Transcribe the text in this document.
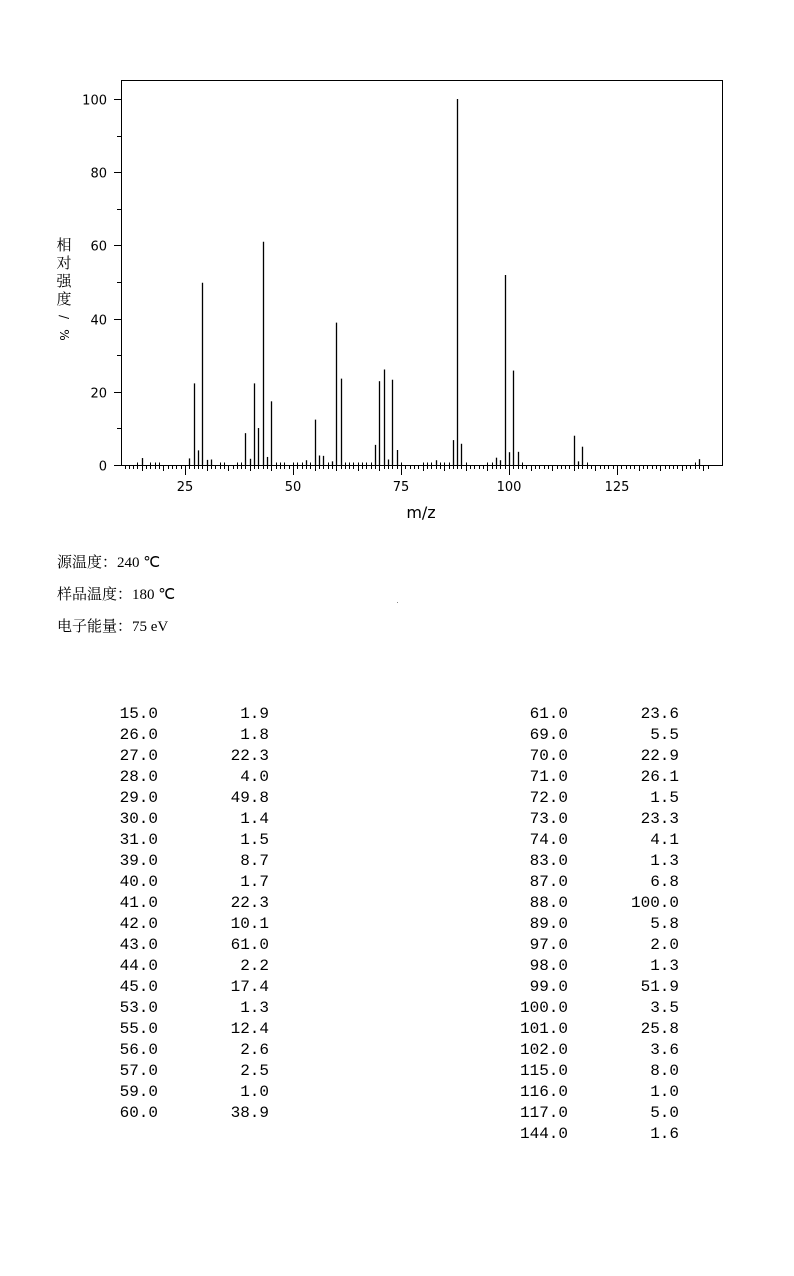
0
20
40
60
80
100
25	50	75	100	125
相
对
强
度
/
%
m/z
源温度：240 ℃
样品温度：180 ℃
电子能量：75 eV
15.0	1.9
26.0	1.8
27.0	22.3
28.0	4.0
29.0	49.8
30.0	1.4
31.0	1.5
39.0	8.7
40.0	1.7
41.0	22.3
42.0	10.1
43.0	61.0
44.0	2.2
45.0	17.4
53.0	1.3
55.0	12.4
56.0	2.6
57.0	2.5
59.0	1.0
60.0	38.9
61.0	23.6
69.0	5.5
70.0	22.9
71.0	26.1
72.0	1.5
73.0	23.3
74.0	4.1
83.0	1.3
87.0	6.8
88.0	100.0
89.0	5.8
97.0	2.0
98.0	1.3
99.0	51.9
100.0	3.5
101.0	25.8
102.0	3.6
115.0	8.0
116.0	1.0
117.0	5.0
144.0	1.6
